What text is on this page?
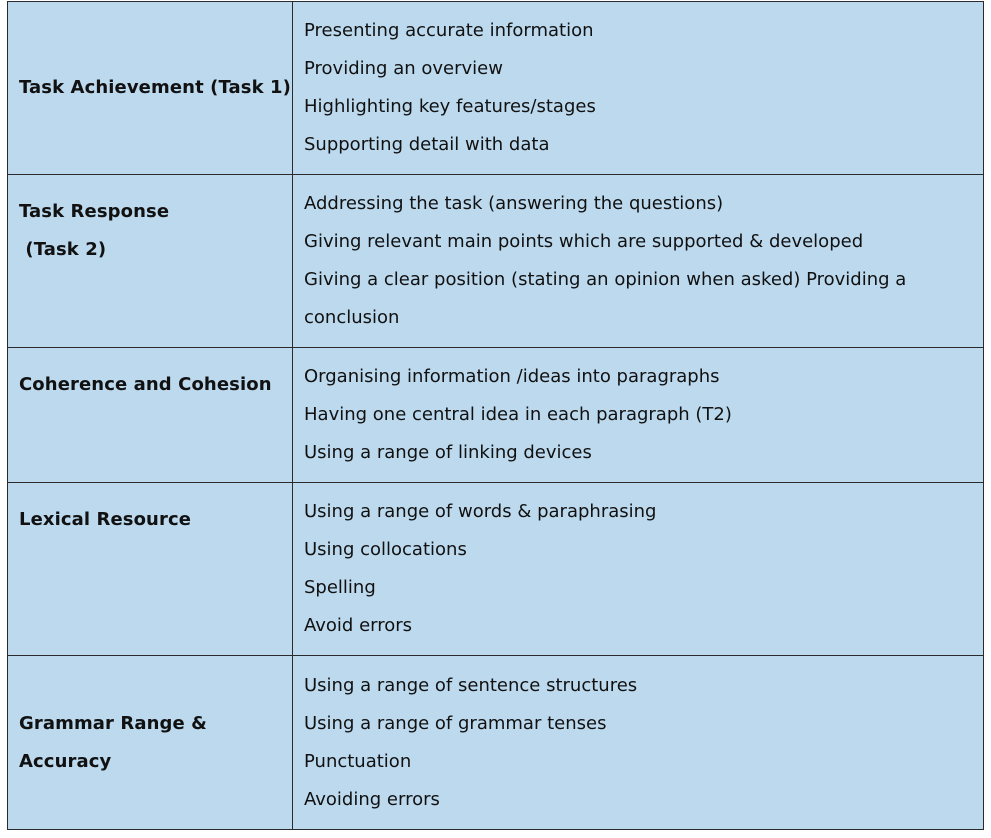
Task Achievement (Task 1)	Presenting accurate information
Providing an overview
Highlighting key features/stages
Supporting detail with data

Task Response
(Task 2)	Addressing the task (answering the questions)
Giving relevant main points which are supported & developed
Giving a clear position (stating an opinion when asked) Providing a
conclusion

Coherence and Cohesion	Organising information /ideas into paragraphs
Having one central idea in each paragraph (T2)
Using a range of linking devices

Lexical Resource	Using a range of words & paraphrasing
Using collocations
Spelling
Avoid errors

Grammar Range &
Accuracy	Using a range of sentence structures
Using a range of grammar tenses
Punctuation
Avoiding errors
